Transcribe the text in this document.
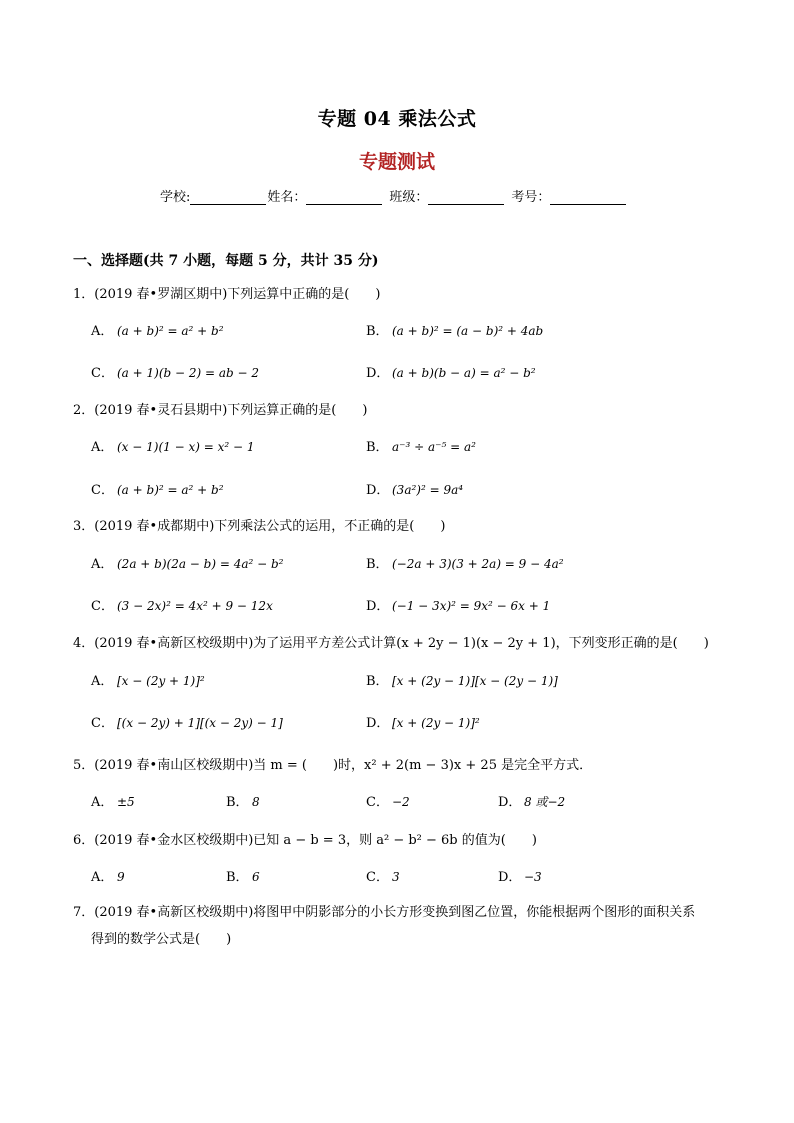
专题 04 乘法公式
专题测试
学校:	姓名：	班级：	考号：
一、选择题(共 7 小题，每题 5 分，共计 35 分)
1．(2019 春•罗湖区期中)下列运算中正确的是(　　)
A． (a + b)² = a² + b²	B． (a + b)² = (a − b)² + 4ab
C． (a + 1)(b − 2) = ab − 2	D． (a + b)(b − a) = a² − b²
2．(2019 春•灵石县期中)下列运算正确的是(　　)
A． (x − 1)(1 − x) = x² − 1	B． a⁻³ ÷ a⁻⁵ = a²
C． (a + b)² = a² + b²	D． (3a²)² = 9a⁴
3．(2019 春•成都期中)下列乘法公式的运用，不正确的是(　　)
A． (2a + b)(2a − b) = 4a² − b²	B． (−2a + 3)(3 + 2a) = 9 − 4a²
C． (3 − 2x)² = 4x² + 9 − 12x	D． (−1 − 3x)² = 9x² − 6x + 1
4．(2019 春•高新区校级期中)为了运用平方差公式计算(x + 2y − 1)(x − 2y + 1)，下列变形正确的是(　　)
A． [x − (2y + 1)]²	B． [x + (2y − 1)][x − (2y − 1)]
C． [(x − 2y) + 1][(x − 2y) − 1]	D． [x + (2y − 1)]²
5．(2019 春•南山区校级期中)当 m = (　　)时，x² + 2(m − 3)x + 25 是完全平方式．
A． ±5	B． 8	C． −2	D． 8 或−2
6．(2019 春•金水区校级期中)已知 a − b = 3，则 a² − b² − 6b 的值为(　　)
A． 9	B． 6	C． 3	D． −3
7．(2019 春•高新区校级期中)将图甲中阴影部分的小长方形变换到图乙位置，你能根据两个图形的面积关系
得到的数学公式是(　　)
